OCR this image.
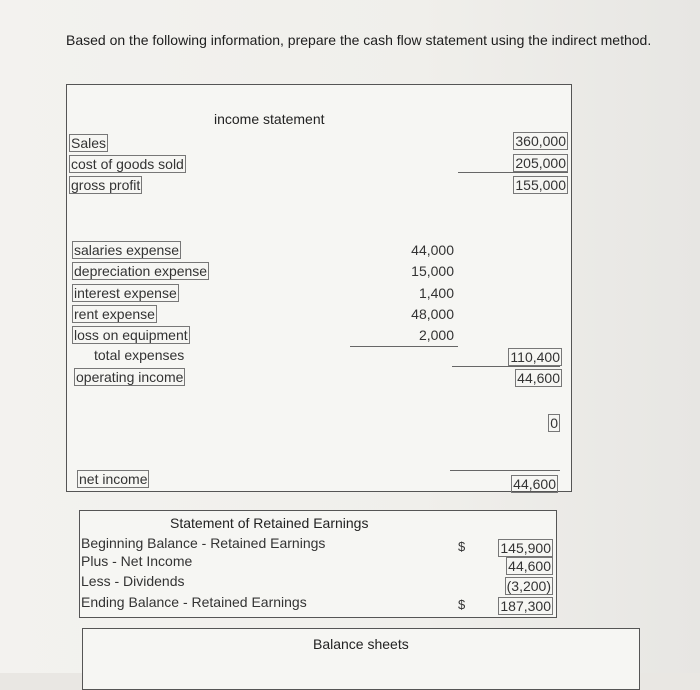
Based on the following information, prepare the cash flow statement using the indirect method.
income statement
Sales	360,000
cost of goods sold	205,000
gross profit	155,000
salaries expense	44,000
depreciation expense	15,000
interest expense	1,400
rent expense	48,000
loss on equipment	2,000
total expenses	110,400
operating income	44,600
0
net income	44,600
Statement of Retained Earnings
Beginning Balance - Retained Earnings	$	145,900
Plus - Net Income	44,600
Less - Dividends	(3,200)
Ending Balance - Retained Earnings	$	187,300
Balance sheets
